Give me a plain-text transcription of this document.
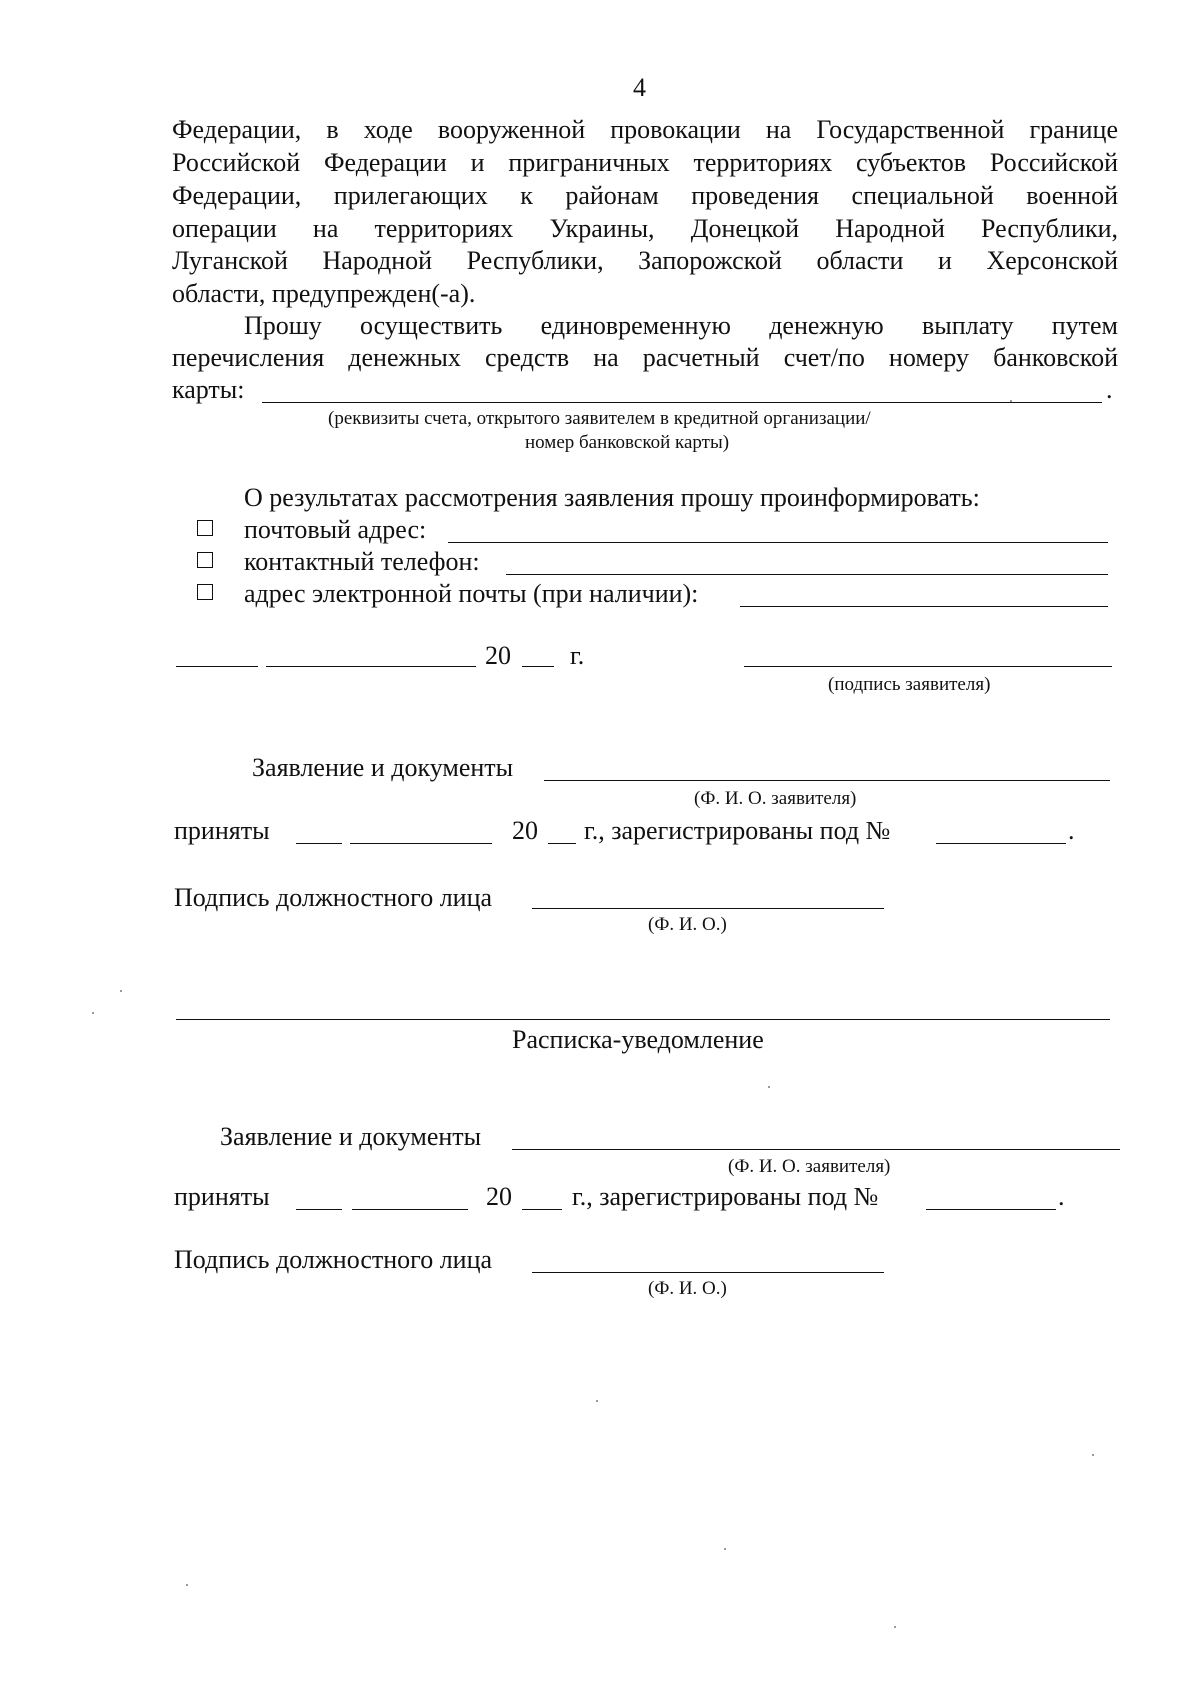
4
Федерации, в ходе вооруженной провокации на Государственной границе
Российской Федерации и приграничных территориях субъектов Российской
Федерации, прилегающих к районам проведения специальной военной
операции на территориях Украины, Донецкой Народной Республики,
Луганской Народной Республики, Запорожской области и Херсонской
области, предупрежден(-а).
Прошу осуществить единовременную денежную выплату путем
перечисления денежных средств на расчетный счет/по номеру банковской
карты:	.
(реквизиты счета, открытого заявителем в кредитной организации/
номер банковской карты)
О результатах рассмотрения заявления прошу проинформировать:
почтовый адрес:
контактный телефон:
адрес электронной почты (при наличии):
20 г.
(подпись заявителя)
Заявление и документы
(Ф. И. О. заявителя)
приняты	20 г., зарегистрированы под №	.
Подпись должностного лица
(Ф. И. О.)
Расписка-уведомление
Заявление и документы
(Ф. И. О. заявителя)
приняты	20 г., зарегистрированы под №	.
Подпись должностного лица
(Ф. И. О.)
